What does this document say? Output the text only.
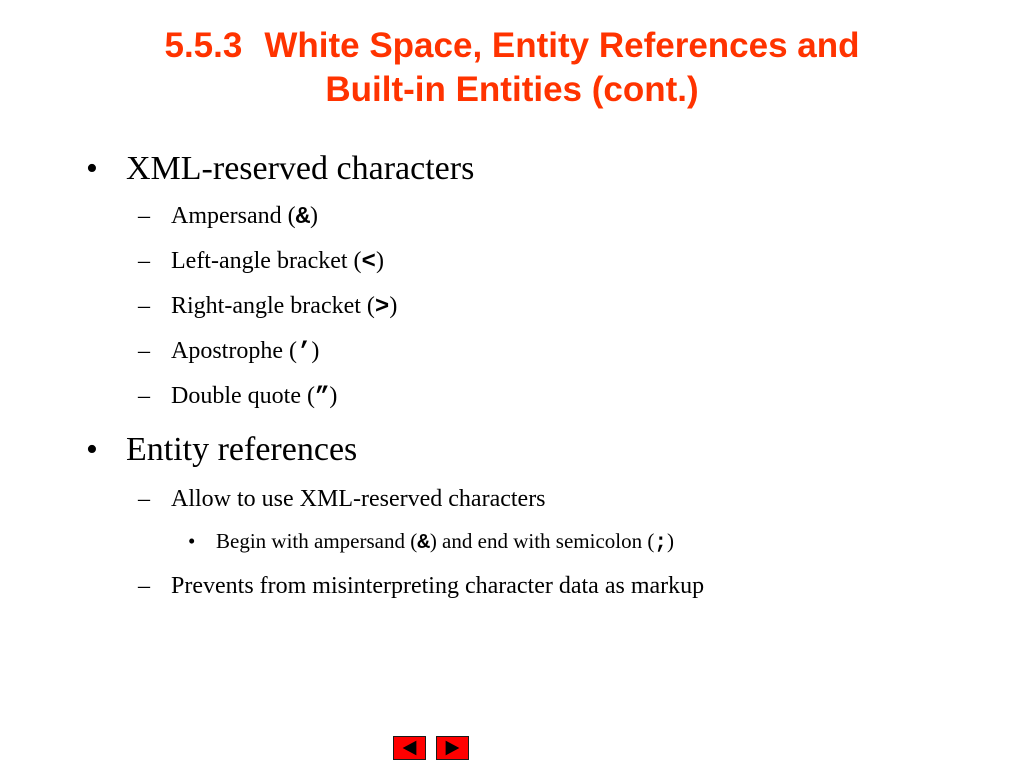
5.5.3 White Space, Entity References and
Built-in Entities (cont.)
• XML-reserved characters
– Ampersand (&)
– Left-angle bracket (<)
– Right-angle bracket (>)
– Apostrophe (’)
– Double quote (”)
• Entity references
– Allow to use XML-reserved characters
• Begin with ampersand (&) and end with semicolon (;)
– Prevents from misinterpreting character data as markup
